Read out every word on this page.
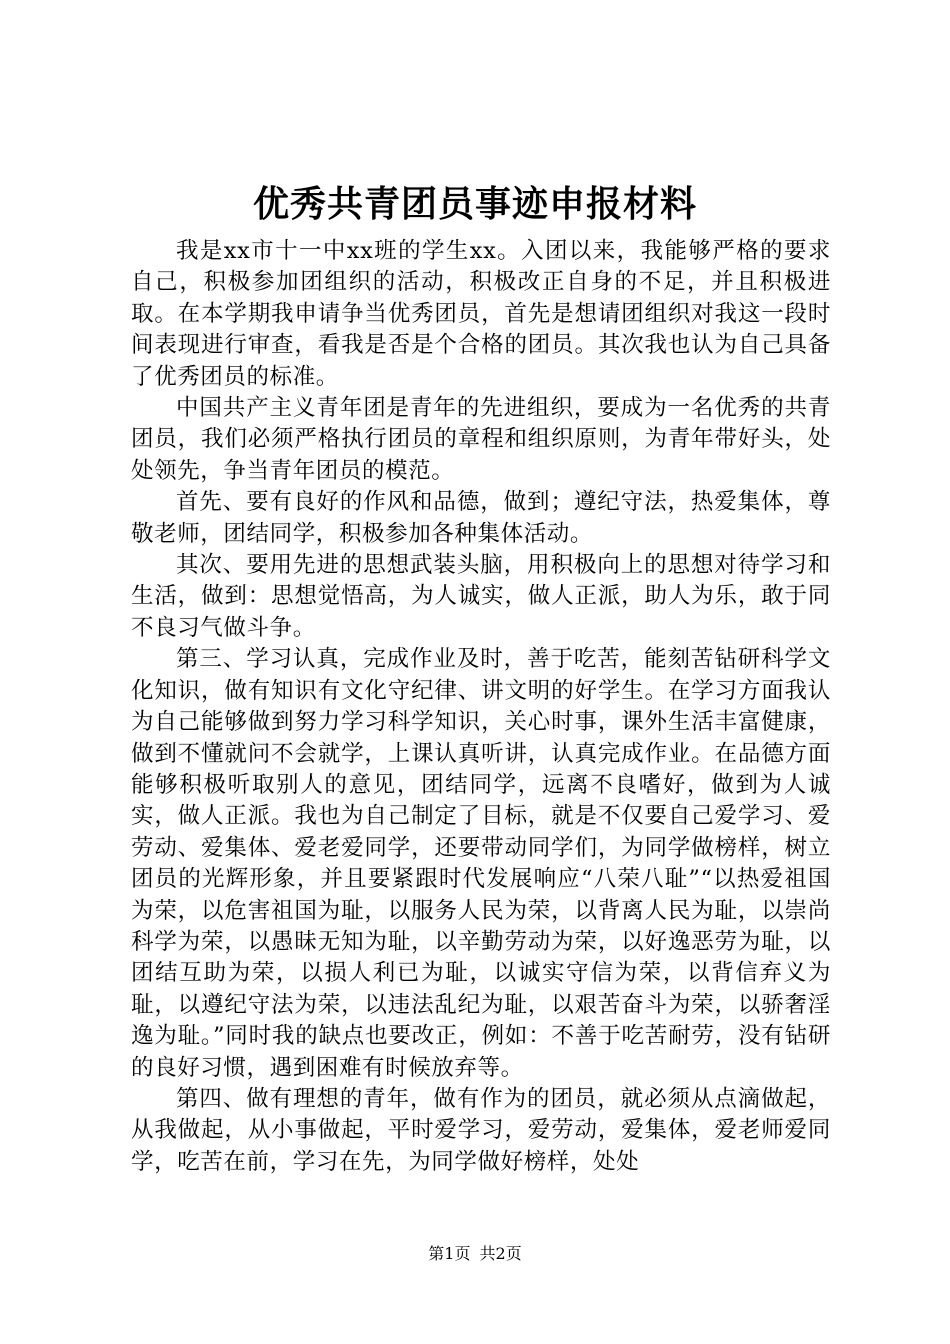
优秀共青团员事迹申报材料

我是xx市十一中xx班的学生xx。入团以来，我能够严格的要求自己，积极参加团组织的活动，积极改正自身的不足，并且积极进取。在本学期我申请争当优秀团员，首先是想请团组织对我这一段时间表现进行审查，看我是否是个合格的团员。其次我也认为自己具备了优秀团员的标准。

中国共产主义青年团是青年的先进组织，要成为一名优秀的共青团员，我们必须严格执行团员的章程和组织原则，为青年带好头，处处领先，争当青年团员的模范。

首先、要有良好的作风和品德，做到；遵纪守法，热爱集体，尊敬老师，团结同学，积极参加各种集体活动。

其次、要用先进的思想武装头脑，用积极向上的思想对待学习和生活，做到：思想觉悟高，为人诚实，做人正派，助人为乐，敢于同不良习气做斗争。

第三、学习认真，完成作业及时，善于吃苦，能刻苦钻研科学文化知识，做有知识有文化守纪律、讲文明的好学生。在学习方面我认为自己能够做到努力学习科学知识，关心时事，课外生活丰富健康，做到不懂就问不会就学，上课认真听讲，认真完成作业。在品德方面能够积极听取别人的意见，团结同学，远离不良嗜好，做到为人诚实，做人正派。我也为自己制定了目标，就是不仅要自己爱学习、爱劳动、爱集体、爱老爱同学，还要带动同学们，为同学做榜样，树立团员的光辉形象，并且要紧跟时代发展响应“八荣八耻”“以热爱祖国为荣，以危害祖国为耻，以服务人民为荣，以背离人民为耻，以崇尚科学为荣，以愚昧无知为耻，以辛勤劳动为荣，以好逸恶劳为耻，以团结互助为荣，以损人利已为耻，以诚实守信为荣，以背信弃义为耻，以遵纪守法为荣，以违法乱纪为耻，以艰苦奋斗为荣，以骄奢淫逸为耻。”同时我的缺点也要改正，例如：不善于吃苦耐劳，没有钻研的良好习惯，遇到困难有时候放弃等。

第四、做有理想的青年，做有作为的团员，就必须从点滴做起，从我做起，从小事做起，平时爱学习，爱劳动，爱集体，爱老师爱同学，吃苦在前，学习在先，为同学做好榜样，处处

第1页 共2页
